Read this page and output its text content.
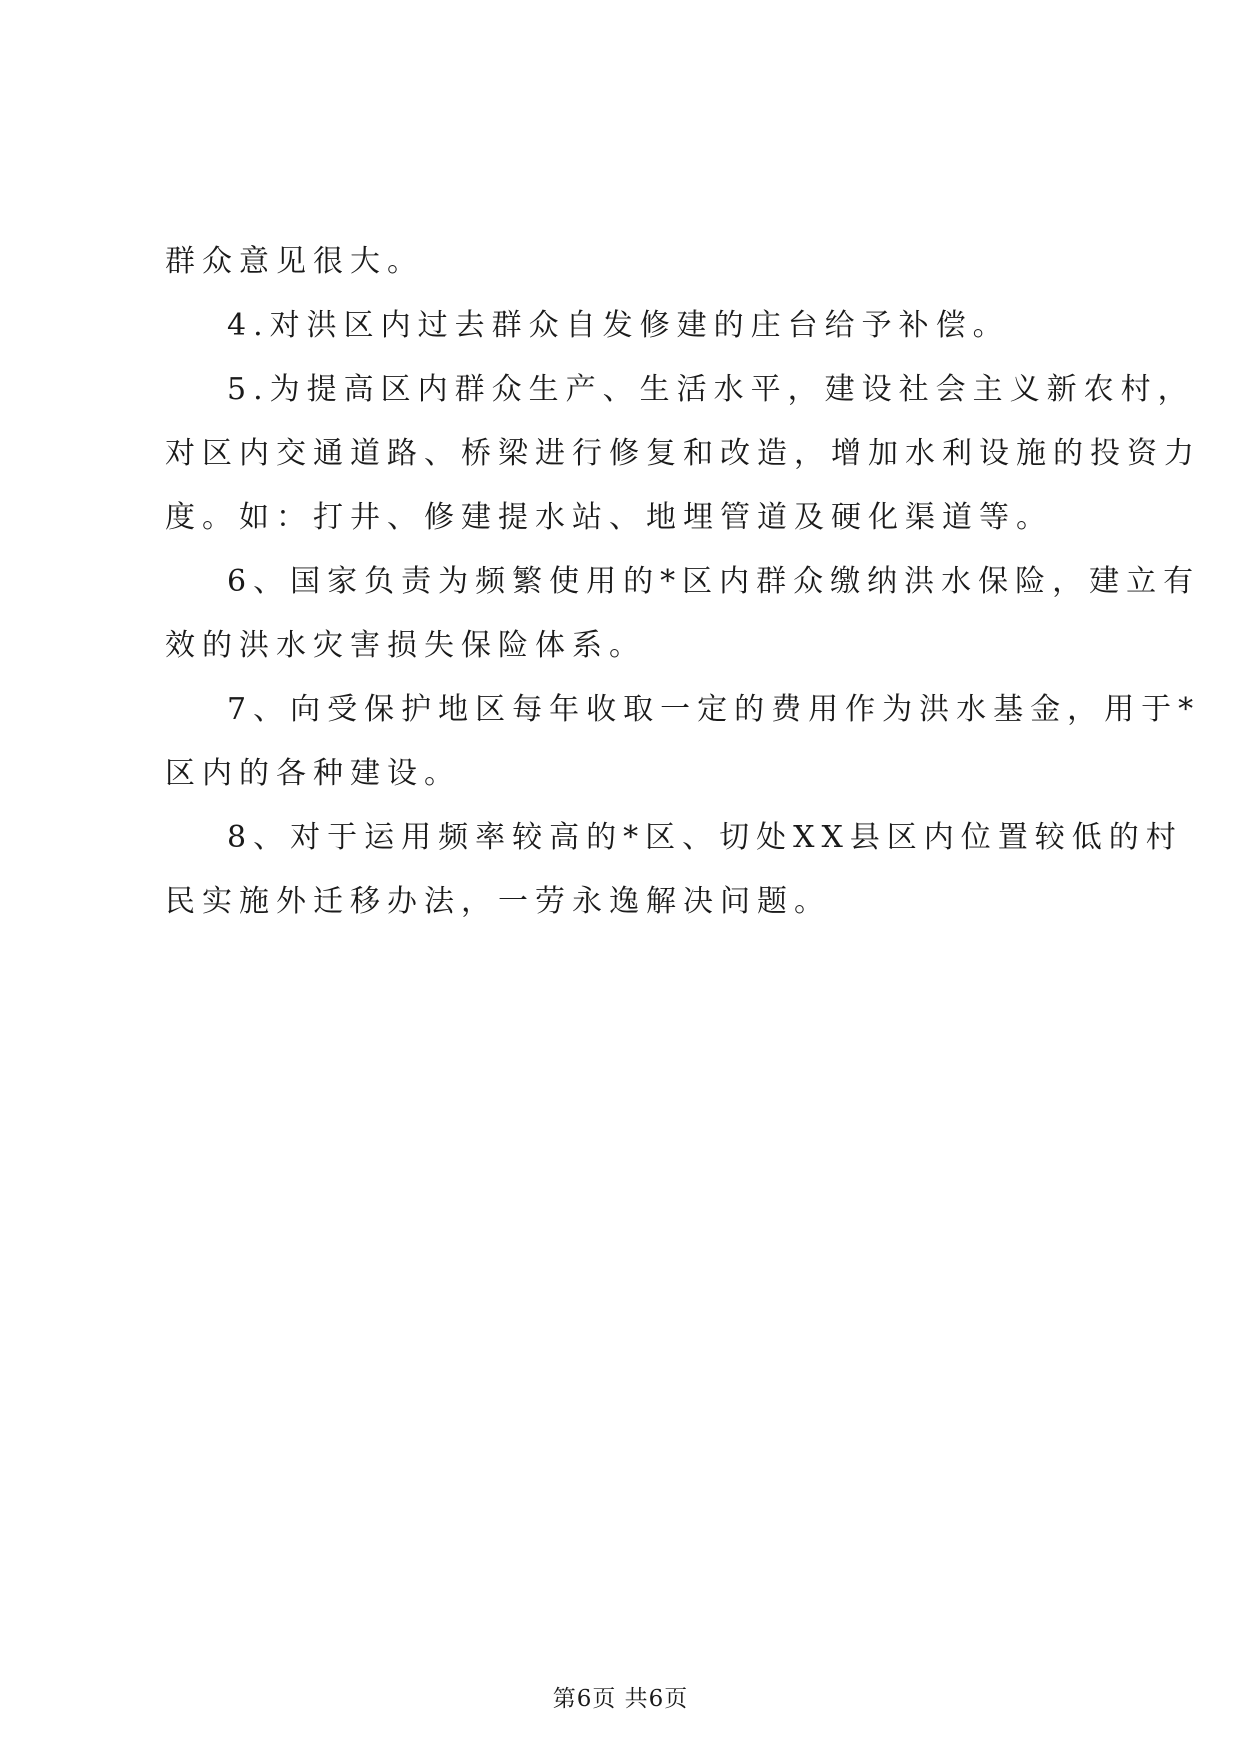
群众意见很大。
4.对洪区内过去群众自发修建的庄台给予补偿。
5.为提高区内群众生产、生活水平，建设社会主义新农村，
对区内交通道路、桥梁进行修复和改造，增加水利设施的投资力
度。如：打井、修建提水站、地埋管道及硬化渠道等。
6、国家负责为频繁使用的*区内群众缴纳洪水保险，建立有
效的洪水灾害损失保险体系。
7、向受保护地区每年收取一定的费用作为洪水基金，用于*
区内的各种建设。
8、对于运用频率较高的*区、切处XX县区内位置较低的村
民实施外迁移办法，一劳永逸解决问题。
第6页 共6页
